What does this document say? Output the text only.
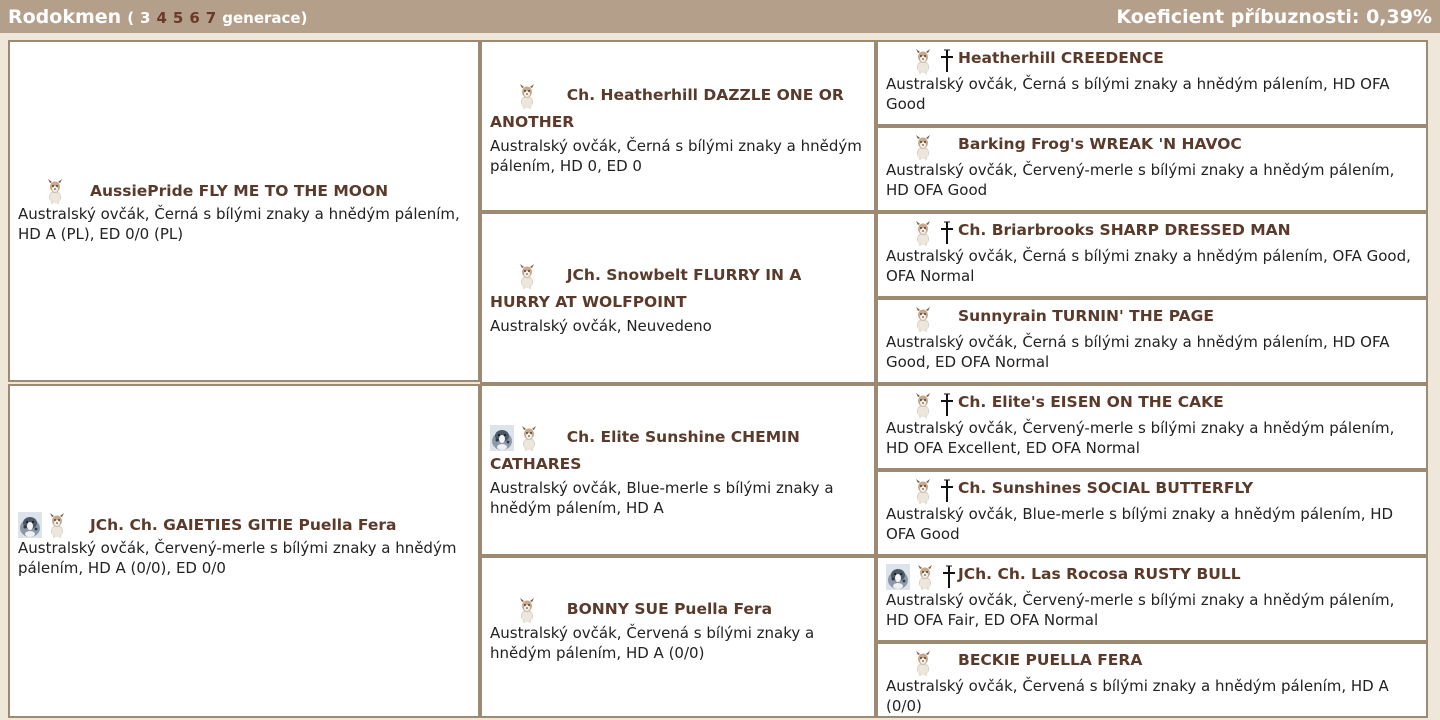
Rodokmen ( 3 4 5 6 7 generace)	Koeficient příbuznosti: 0,39%
AussiePride FLY ME TO THE MOON
Australský ovčák, Černá s bílými znaky a hnědým pálením, HD A (PL), ED 0/0 (PL)
JCh. Ch. GAIETIES GITIE Puella Fera
Australský ovčák, Červený-merle s bílými znaky a hnědým pálením, HD A (0/0), ED 0/0
Ch. Heatherhill DAZZLE ONE OR ANOTHER
Australský ovčák, Černá s bílými znaky a hnědým pálením, HD 0, ED 0
JCh. Snowbelt FLURRY IN A HURRY AT WOLFPOINT
Australský ovčák, Neuvedeno
Ch. Elite Sunshine CHEMIN CATHARES
Australský ovčák, Blue-merle s bílými znaky a hnědým pálením, HD A
BONNY SUE Puella Fera
Australský ovčák, Červená s bílými znaky a hnědým pálením, HD A (0/0)
Heatherhill CREEDENCE
Australský ovčák, Černá s bílými znaky a hnědým pálením, HD OFA Good
Barking Frog's WREAK 'N HAVOC
Australský ovčák, Červený-merle s bílými znaky a hnědým pálením, HD OFA Good
Ch. Briarbrooks SHARP DRESSED MAN
Australský ovčák, Černá s bílými znaky a hnědým pálením, OFA Good, OFA Normal
Sunnyrain TURNIN' THE PAGE
Australský ovčák, Černá s bílými znaky a hnědým pálením, HD OFA Good, ED OFA Normal
Ch. Elite's EISEN ON THE CAKE
Australský ovčák, Červený-merle s bílými znaky a hnědým pálením, HD OFA Excellent, ED OFA Normal
Ch. Sunshines SOCIAL BUTTERFLY
Australský ovčák, Blue-merle s bílými znaky a hnědým pálením, HD OFA Good
JCh. Ch. Las Rocosa RUSTY BULL
Australský ovčák, Červený-merle s bílými znaky a hnědým pálením, HD OFA Fair, ED OFA Normal
BECKIE PUELLA FERA
Australský ovčák, Červená s bílými znaky a hnědým pálením, HD A (0/0)
